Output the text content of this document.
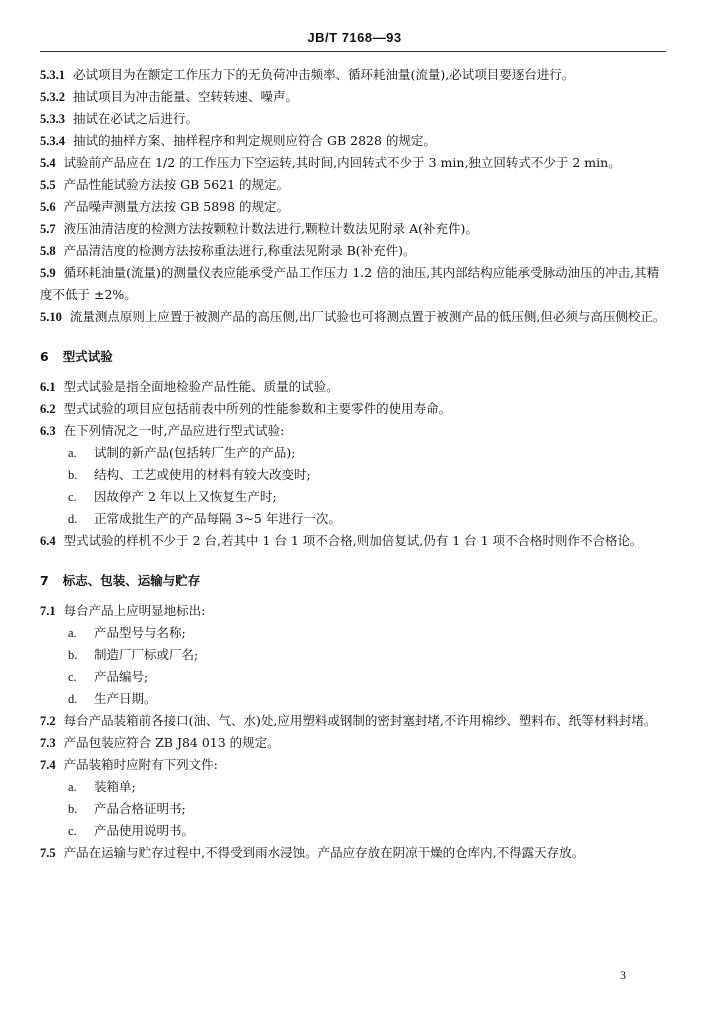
JB/T 7168—93
5.3.1 必试项目为在额定工作压力下的无负荷冲击频率、循环耗油量(流量),必试项目要逐台进行。
5.3.2 抽试项目为冲击能量、空转转速、噪声。
5.3.3 抽试在必试之后进行。
5.3.4 抽试的抽样方案、抽样程序和判定规则应符合 GB 2828 的规定。
5.4 试验前产品应在 1/2 的工作压力下空运转,其时间,内回转式不少于 3 min,独立回转式不少于 2 min。
5.5 产品性能试验方法按 GB 5621 的规定。
5.6 产品噪声测量方法按 GB 5898 的规定。
5.7 液压油清洁度的检测方法按颗粒计数法进行,颗粒计数法见附录 A(补充件)。
5.8 产品清洁度的检测方法按称重法进行,称重法见附录 B(补充件)。
5.9 循环耗油量(流量)的测量仪表应能承受产品工作压力 1.2 倍的油压,其内部结构应能承受脉动油压的冲击,其精度不低于 ±2%。
5.10 流量测点原则上应置于被测产品的高压侧,出厂试验也可将测点置于被测产品的低压侧,但必须与高压侧校正。
6 型式试验
6.1 型式试验是指全面地检验产品性能、质量的试验。
6.2 型式试验的项目应包括前表中所列的性能参数和主要零件的使用寿命。
6.3 在下列情况之一时,产品应进行型式试验:
a. 试制的新产品(包括转厂生产的产品);
b. 结构、工艺或使用的材料有较大改变时;
c. 因故停产 2 年以上又恢复生产时;
d. 正常成批生产的产品每隔 3~5 年进行一次。
6.4 型式试验的样机不少于 2 台,若其中 1 台 1 项不合格,则加倍复试,仍有 1 台 1 项不合格时则作不合格论。
7 标志、包装、运输与贮存
7.1 每台产品上应明显地标出:
a. 产品型号与名称;
b. 制造厂厂标或厂名;
c. 产品编号;
d. 生产日期。
7.2 每台产品装箱前各接口(油、气、水)处,应用塑料或钢制的密封塞封堵,不许用棉纱、塑料布、纸等材料封堵。
7.3 产品包装应符合 ZB J84 013 的规定。
7.4 产品装箱时应附有下列文件:
a. 装箱单;
b. 产品合格证明书;
c. 产品使用说明书。
7.5 产品在运输与贮存过程中,不得受到雨水浸蚀。产品应存放在阴凉干燥的仓库内,不得露天存放。
3
